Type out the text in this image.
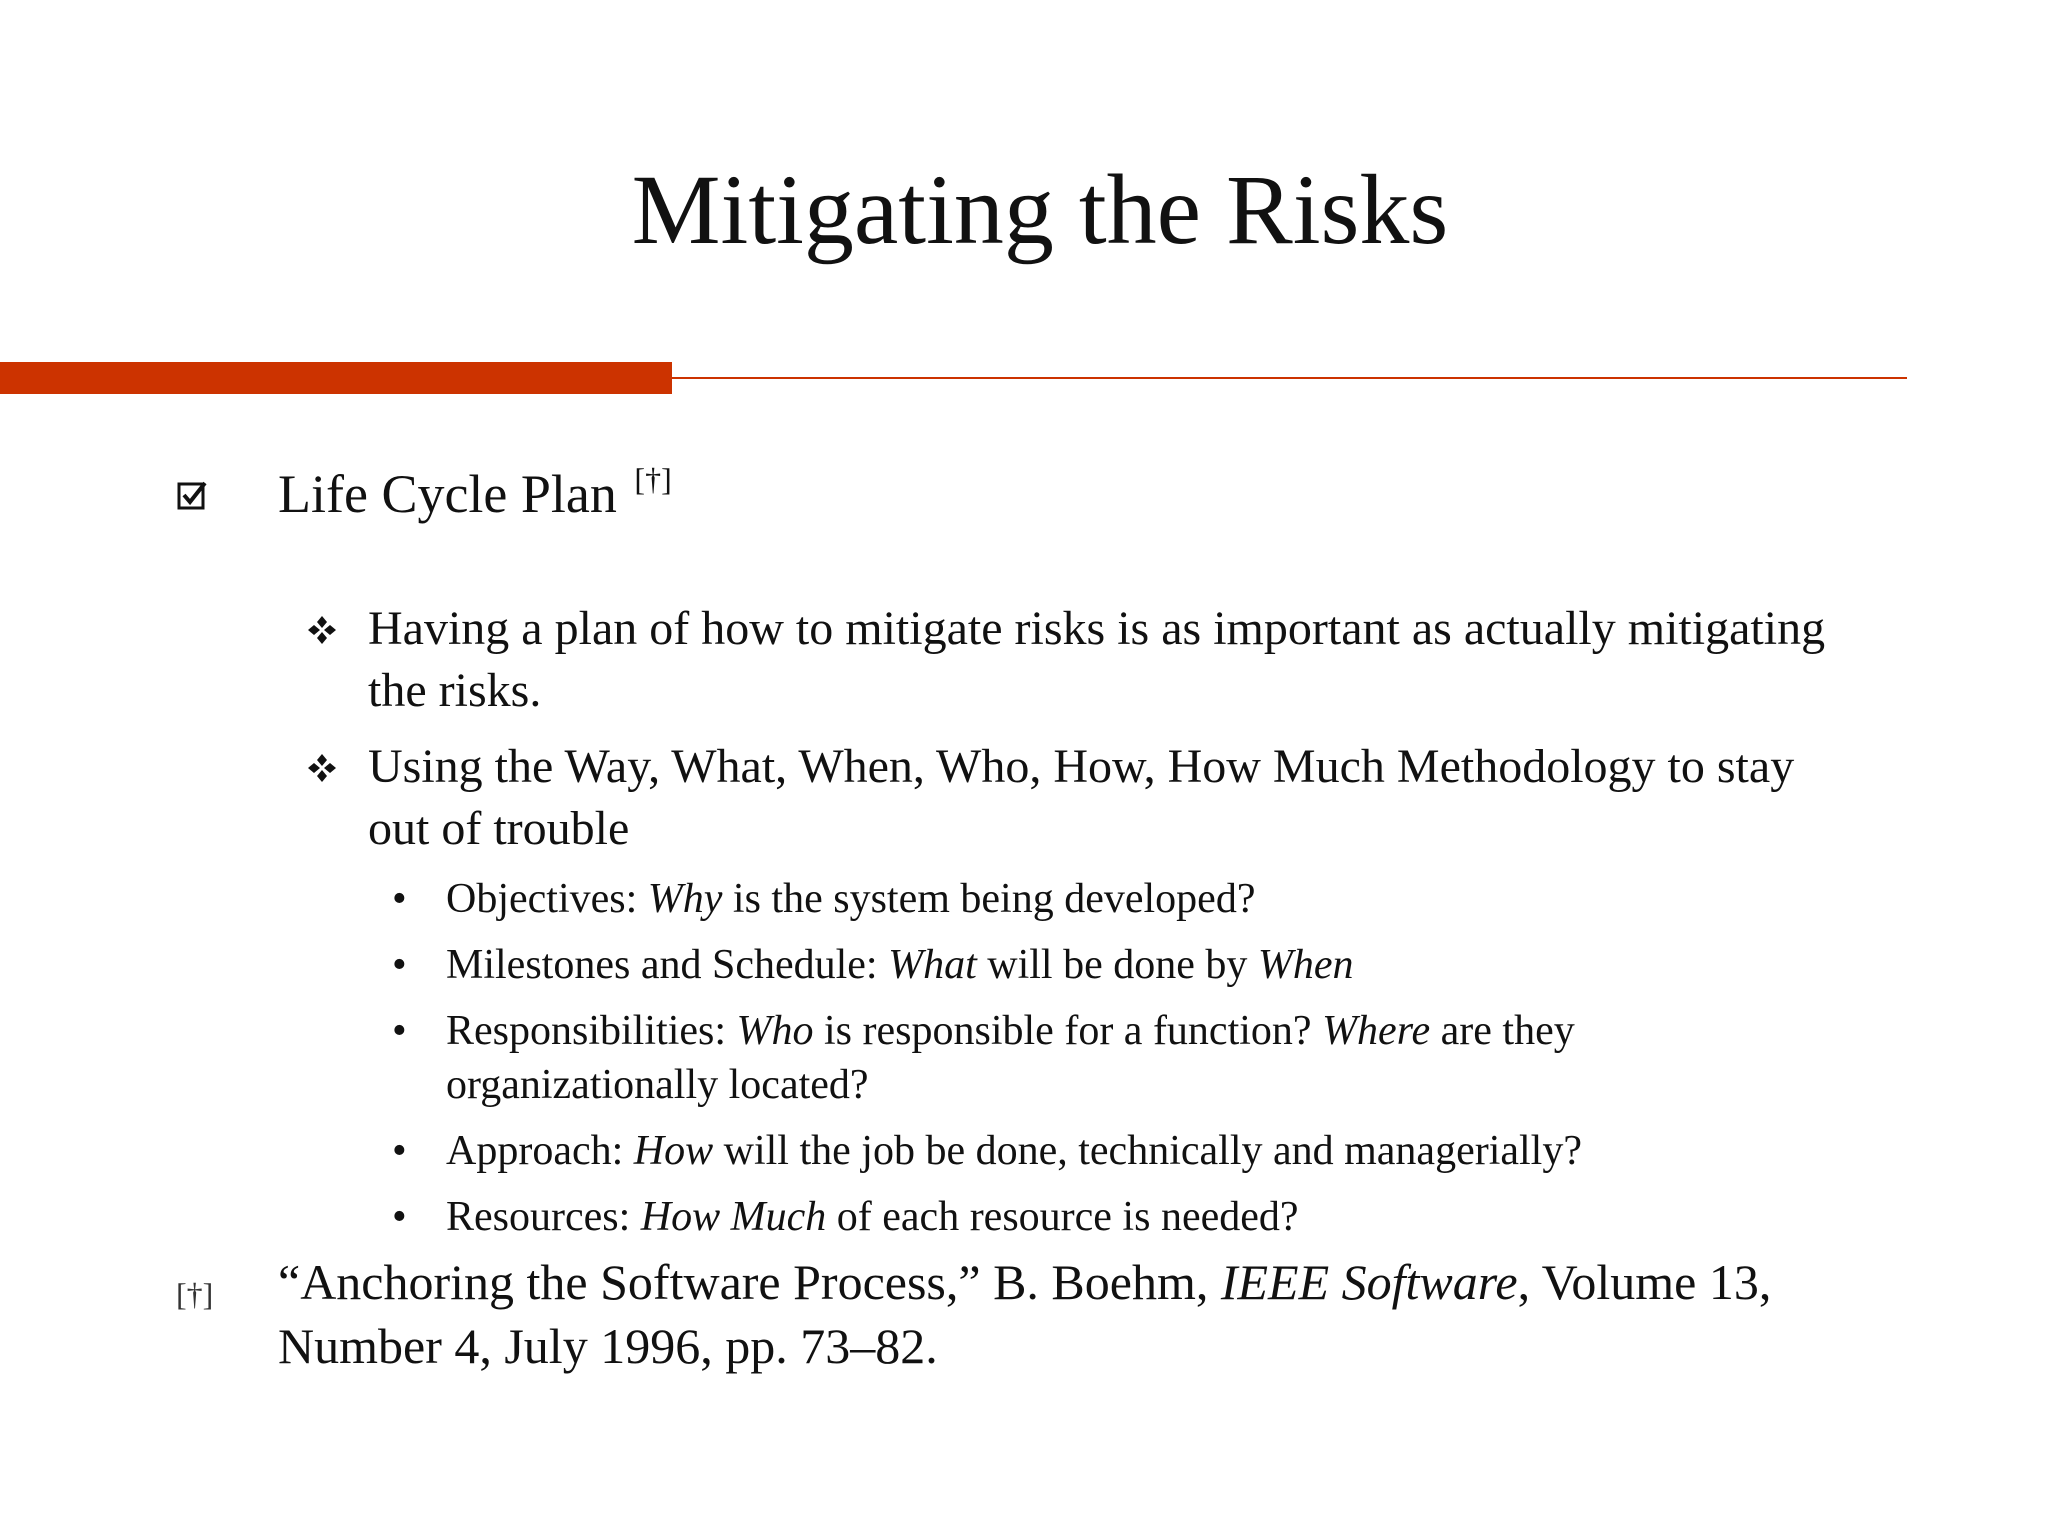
Mitigating the Risks
Life Cycle Plan [†]
Having a plan of how to mitigate risks is as important as actually mitigating the risks.
Using the Way, What, When, Who, How, How Much Methodology to stay out of trouble
• Objectives: Why is the system being developed?
• Milestones and Schedule: What will be done by When
• Responsibilities: Who is responsible for a function? Where are they organizationally located?
• Approach: How will the job be done, technically and managerially?
• Resources: How Much of each resource is needed?
[†] “Anchoring the Software Process,” B. Boehm, IEEE Software, Volume 13, Number 4, July 1996, pp. 73–82.
